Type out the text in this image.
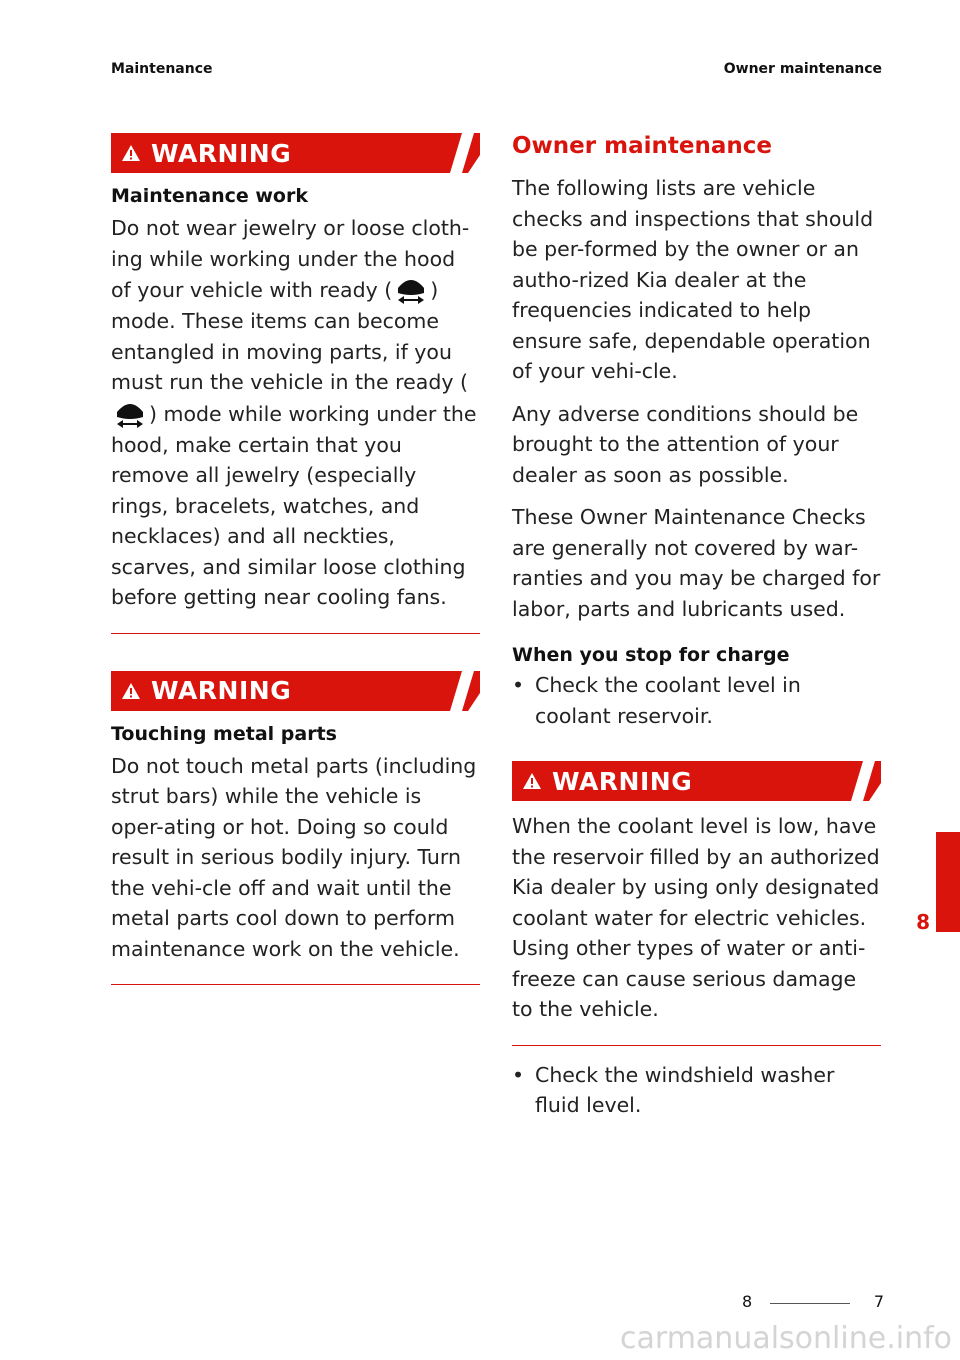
Maintenance	Owner maintenance
WARNING
Maintenance work

Do not wear jewelry or loose cloth-ing while working under the hood of your vehicle with ready ( ) mode. These items can become entangled in moving parts, if you must run the vehicle in the ready () mode while working under the hood, make certain that you remove all jewelry (especially rings, bracelets, watches, and necklaces) and all neckties, scarves, and similar loose clothing before getting near cooling fans.

WARNING
Touching metal parts

Do not touch metal parts (including strut bars) while the vehicle is oper-ating or hot. Doing so could result in serious bodily injury. Turn the vehi-cle off and wait until the metal parts cool down to perform maintenance work on the vehicle.

Owner maintenance

The following lists are vehicle checks and inspections that should be per-formed by the owner or an autho-rized Kia dealer at the frequencies indicated to help ensure safe, dependable operation of your vehi-cle.

Any adverse conditions should be brought to the attention of your dealer as soon as possible.

These Owner Maintenance Checks are generally not covered by war-ranties and you may be charged for labor, parts and lubricants used.

When you stop for charge
• Check the coolant level in coolant reservoir.
WARNING

When the coolant level is low, have the reservoir filled by an authorized Kia dealer by using only designated coolant water for electric vehicles. Using other types of water or anti-freeze can cause serious damage to the vehicle.

• Check the windshield washer fluid level.
8
8	7
carmanualsonline.info
